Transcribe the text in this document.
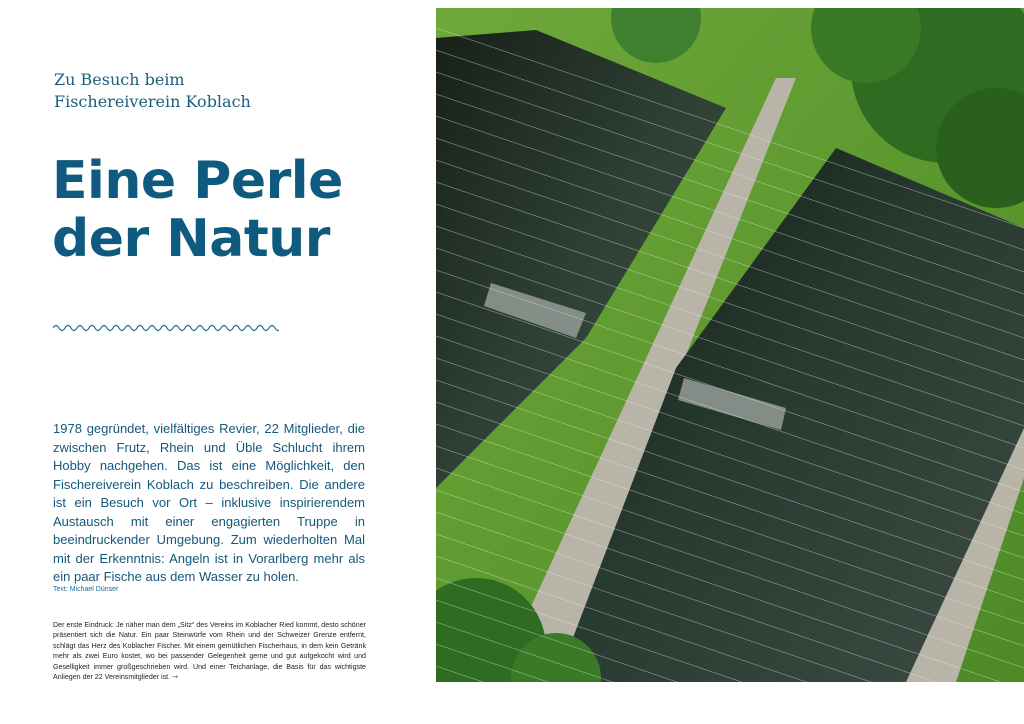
Zu Besuch beim
Fischereiverein Koblach
Eine Perle
der Natur
1978 gegründet, vielfältiges Revier, 22 Mitglieder, die zwischen Frutz, Rhein und Üble Schlucht ihrem Hobby nachgehen. Das ist eine Möglichkeit, den Fischereiverein Koblach zu beschreiben. Die andere ist ein Besuch vor Ort – inklusive inspirierendem Austausch mit einer engagierten Truppe in beeindruckender Umgebung. Zum wiederholten Mal mit der Erkenntnis: Angeln ist in Vorarlberg mehr als ein paar Fische aus dem Wasser zu holen.
Text: Michael Dünser
Der erste Eindruck: Je näher man dem „Sitz“ des Vereins im Koblacher Ried kommt, desto schöner präsentiert sich die Natur. Ein paar Steinwürfe vom Rhein und der Schweizer Grenze entfernt, schlägt das Herz des Koblacher Fischer. Mit einem gemütlichen Fischerhaus, in dem kein Getränk mehr als zwei Euro kostet, wo bei passender Gelegenheit gerne und gut aufgekocht wird und Geselligkeit immer großgeschrieben wird. Und einer Teichanlage, die Basis für das wichtigste Anliegen der 22 Vereinsmitglieder ist. →
